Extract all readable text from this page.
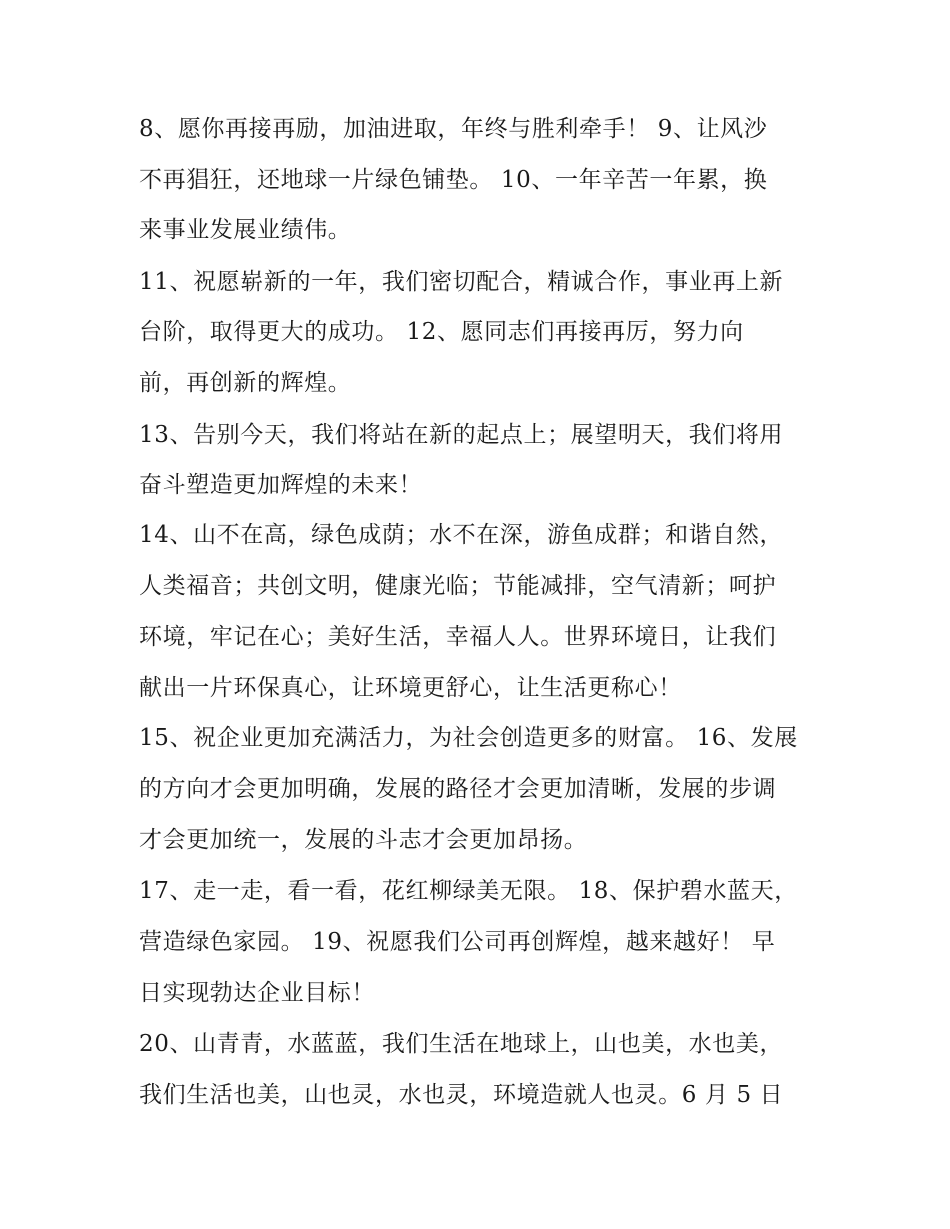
8、愿你再接再励，加油进取，年终与胜利牵手！ 9、让风沙
不再猖狂，还地球一片绿色铺垫。 10、一年辛苦一年累，换
来事业发展业绩伟。
11、祝愿崭新的一年，我们密切配合，精诚合作，事业再上新
台阶，取得更大的成功。 12、愿同志们再接再厉，努力向
前，再创新的辉煌。
13、告别今天，我们将站在新的起点上；展望明天，我们将用
奋斗塑造更加辉煌的未来！
14、山不在高，绿色成荫；水不在深，游鱼成群；和谐自然，
人类福音；共创文明，健康光临；节能减排，空气清新；呵护
环境，牢记在心；美好生活，幸福人人。世界环境日，让我们
献出一片环保真心，让环境更舒心，让生活更称心！
15、祝企业更加充满活力，为社会创造更多的财富。 16、发展
的方向才会更加明确，发展的路径才会更加清晰，发展的步调
才会更加统一，发展的斗志才会更加昂扬。
17、走一走，看一看，花红柳绿美无限。 18、保护碧水蓝天，
营造绿色家园。 19、祝愿我们公司再创辉煌，越来越好！ 早
日实现勃达企业目标！
20、山青青，水蓝蓝，我们生活在地球上，山也美，水也美，
我们生活也美，山也灵，水也灵，环境造就人也灵。6 月 5 日
